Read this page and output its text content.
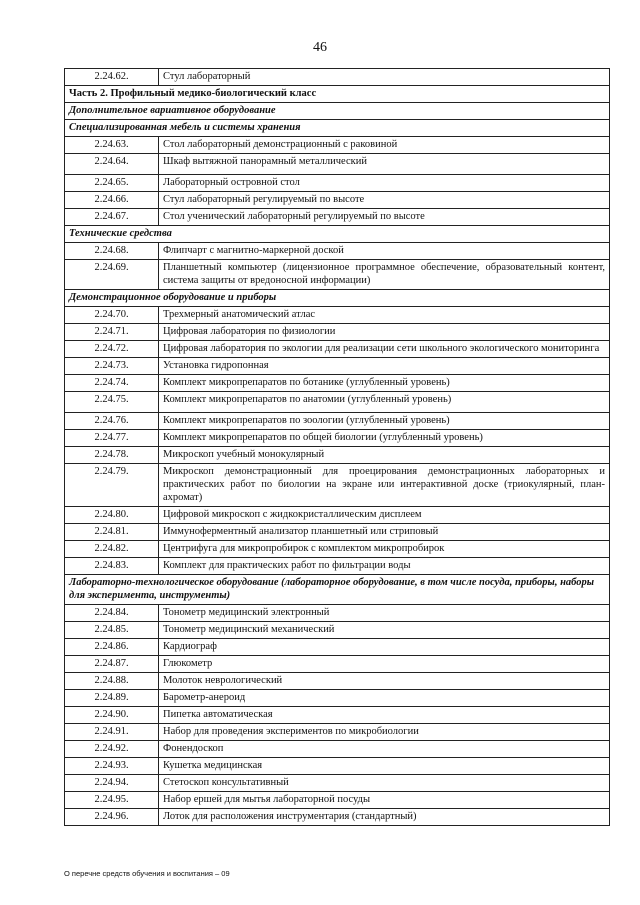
46
2.24.62.	Стул лабораторный
Часть 2. Профильный медико-биологический класс	
Дополнительное вариативное оборудование	
Специализированная мебель и системы хранения	
2.24.63.	Стол лабораторный демонстрационный с раковиной
2.24.64.	Шкаф вытяжной панорамный металлический
2.24.65.	Лабораторный островной стол
2.24.66.	Стул лабораторный регулируемый по высоте
2.24.67.	Стол ученический лабораторный регулируемый по высоте
Технические средства	
2.24.68.	Флипчарт с магнитно-маркерной доской
2.24.69.	Планшетный компьютер (лицензионное программное обеспечение, образовательный контент, система защиты от вредоносной информации)
Демонстрационное оборудование и приборы	
2.24.70.	Трехмерный анатомический атлас
2.24.71.	Цифровая лаборатория по физиологии
2.24.72.	Цифровая лаборатория по экологии для реализации сети школьного экологического мониторинга
2.24.73.	Установка гидропонная
2.24.74.	Комплект микропрепаратов по ботанике (углубленный уровень)
2.24.75.	Комплект микропрепаратов по анатомии (углубленный уровень)
2.24.76.	Комплект микропрепаратов по зоологии (углубленный уровень)
2.24.77.	Комплект микропрепаратов по общей биологии (углубленный уровень)
2.24.78.	Микроскоп учебный монокулярный
2.24.79.	Микроскоп демонстрационный для проецирования демонстрационных лабораторных и практических работ по биологии на экране или интерактивной доске (триокулярный, план-ахромат)
2.24.80.	Цифровой микроскоп с жидкокристаллическим дисплеем
2.24.81.	Иммуноферментный анализатор планшетный или стриповый
2.24.82.	Центрифуга для микропробирок с комплектом микропробирок
2.24.83.	Комплект для практических работ по фильтрации воды
Лабораторно-технологическое оборудование (лабораторное оборудование, в том числе посуда, приборы, наборы для эксперимента, инструменты)	
2.24.84.	Тонометр медицинский электронный
2.24.85.	Тонометр медицинский механический
2.24.86.	Кардиограф
2.24.87.	Глюкометр
2.24.88.	Молоток неврологический
2.24.89.	Барометр-анероид
2.24.90.	Пипетка автоматическая
2.24.91.	Набор для проведения экспериментов по микробиологии
2.24.92.	Фонендоскоп
2.24.93.	Кушетка медицинская
2.24.94.	Стетоскоп консультативный
2.24.95.	Набор ершей для мытья лабораторной посуды
2.24.96.	Лоток для расположения инструментария (стандартный)
О перечне средств обучения и воспитания – 09
